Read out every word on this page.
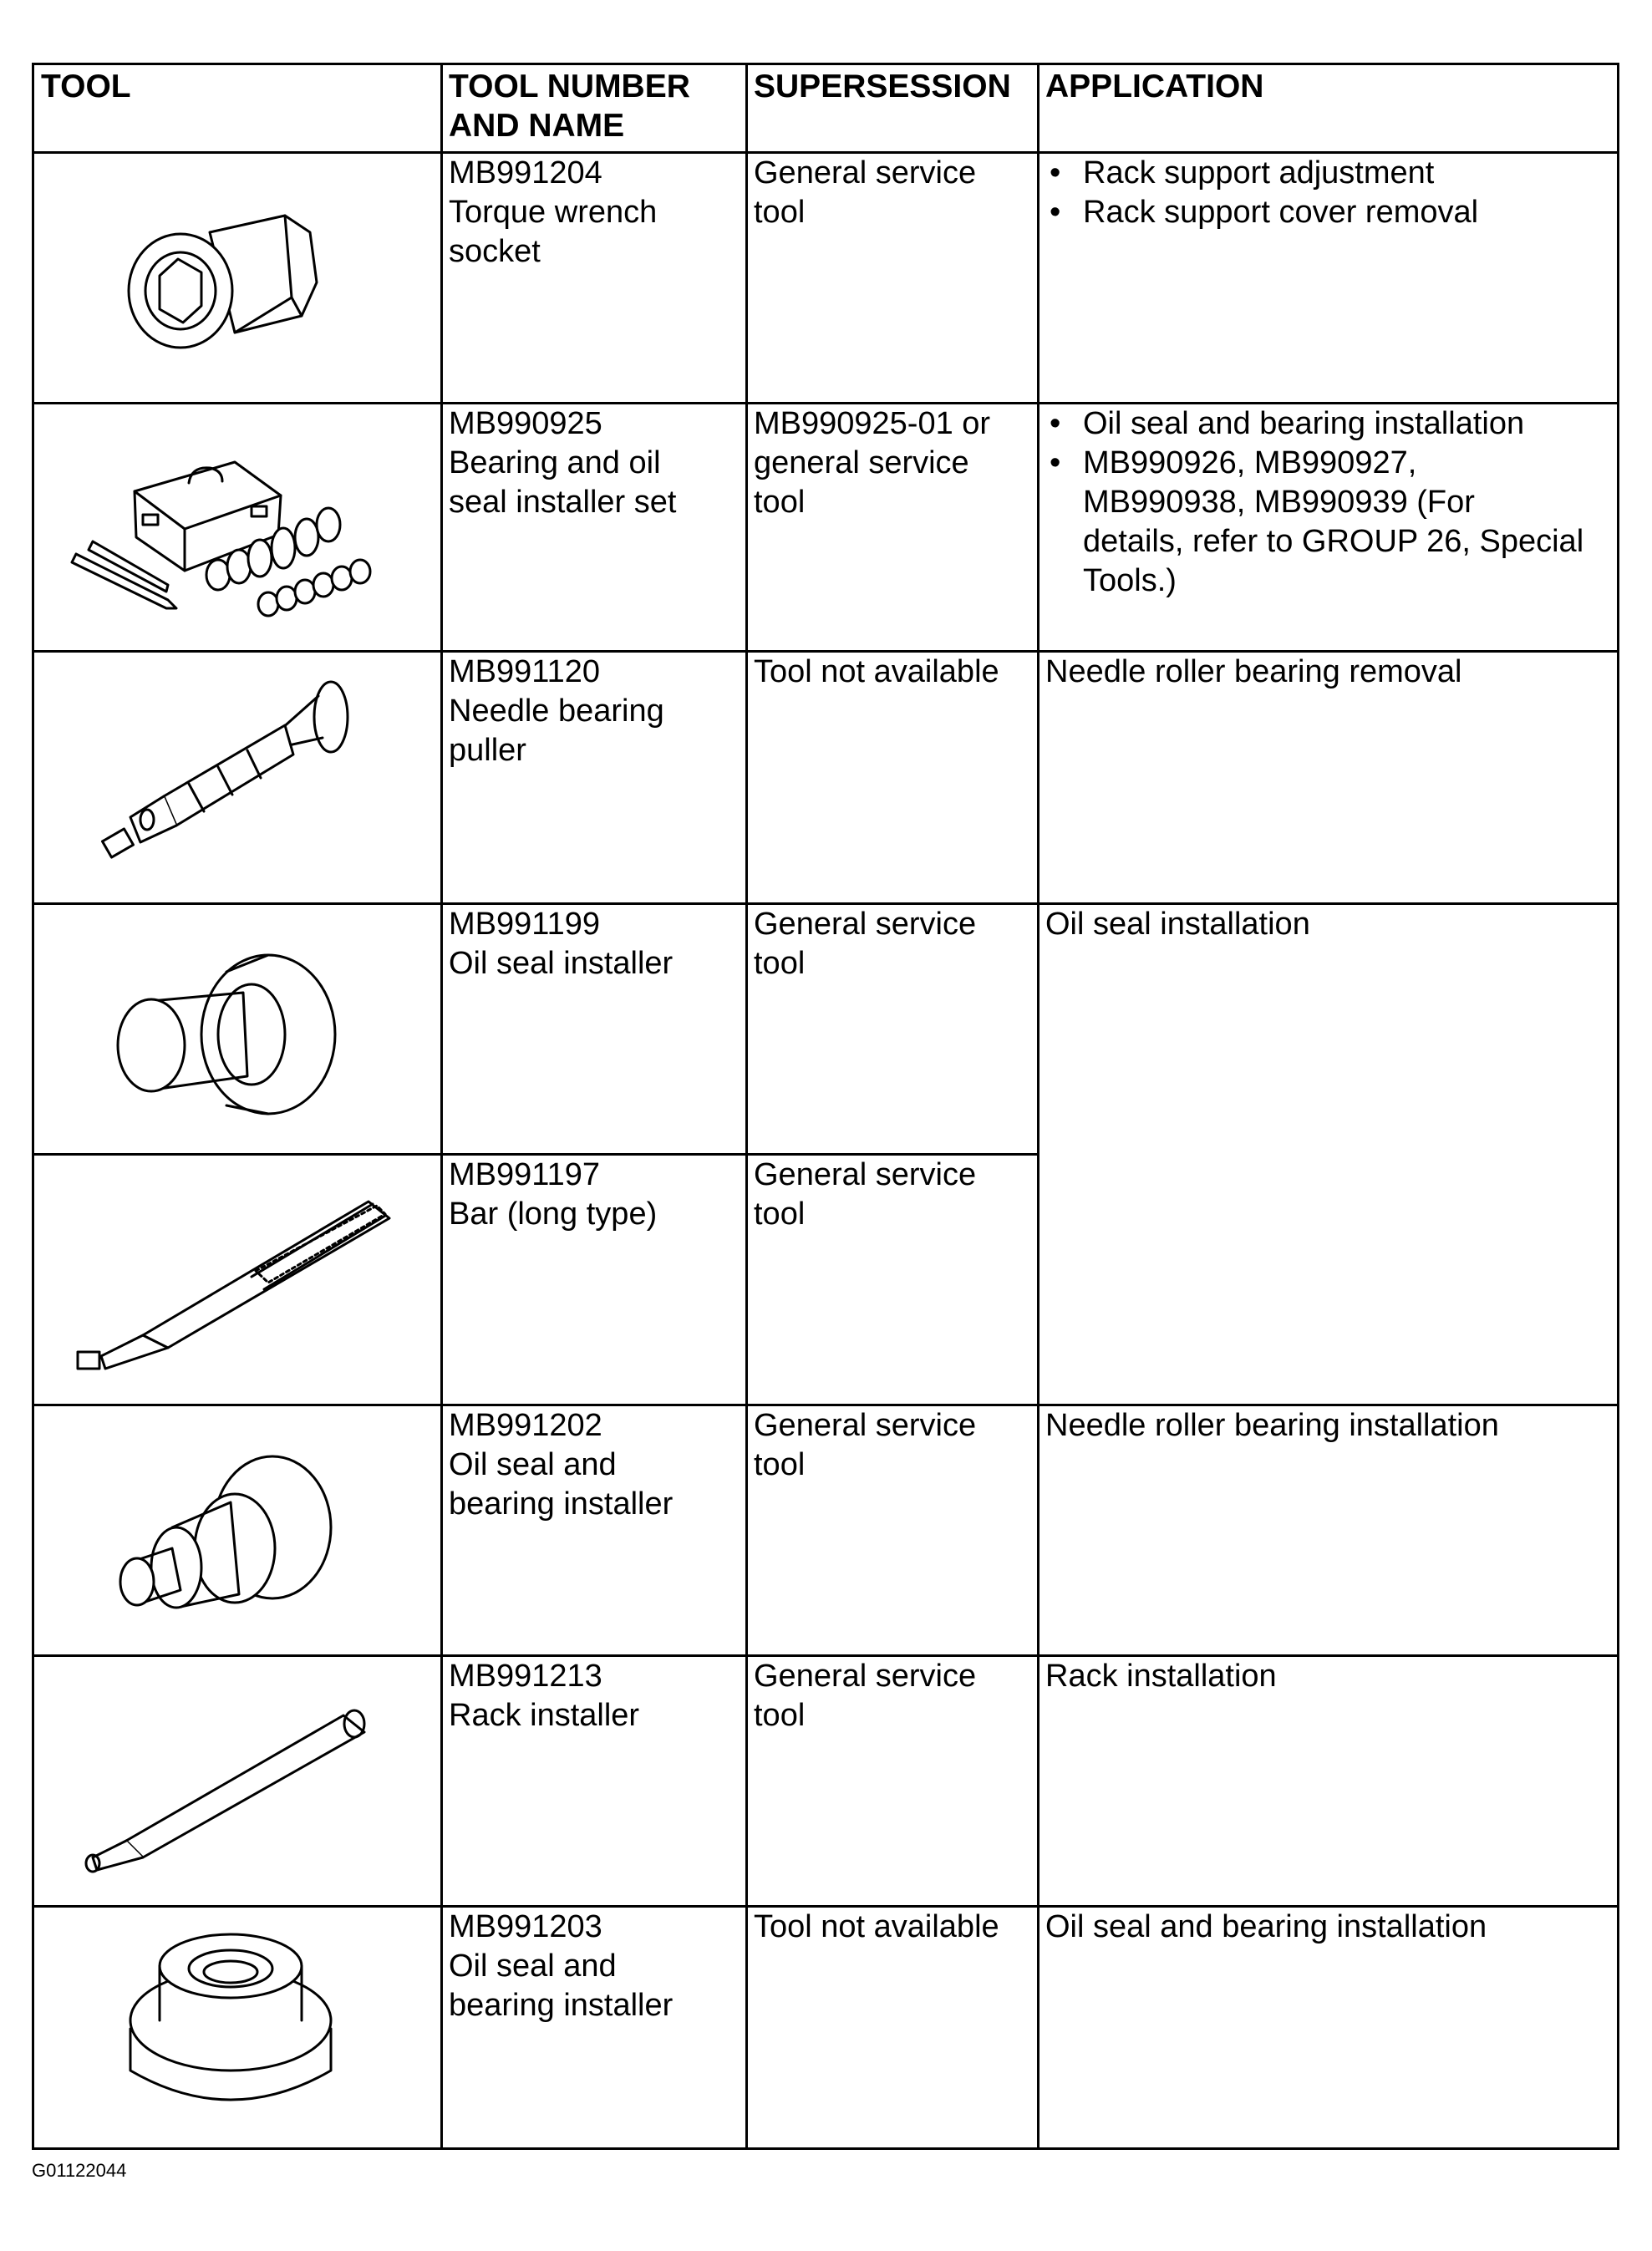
TOOL	TOOL NUMBER
AND NAME
SUPERSESSION APPLICATION
MB991204
Torque wrench
socket
General service
tool
• Rack support adjustment
• Rack support cover removal
MB990925
Bearing and oil
seal installer set
MB990925-01 or
general service
tool
• Oil seal and bearing installation
• MB990926, MB990927,
MB990938, MB990939 (For
details, refer to GROUP 26, Special
Tools.)
MB991120
Needle bearing
puller
Tool not available Needle roller bearing removal
MB991199
Oil seal installer
General service
tool
Oil seal installation
MB991197
Bar (long type)
General service
tool
MB991202
Oil seal and
bearing installer
General service
tool
Needle roller bearing installation
MB991213
Rack installer
General service
tool
Rack installation
MB991203
Oil seal and
bearing installer
Tool not available Oil seal and bearing installation
G01122044
